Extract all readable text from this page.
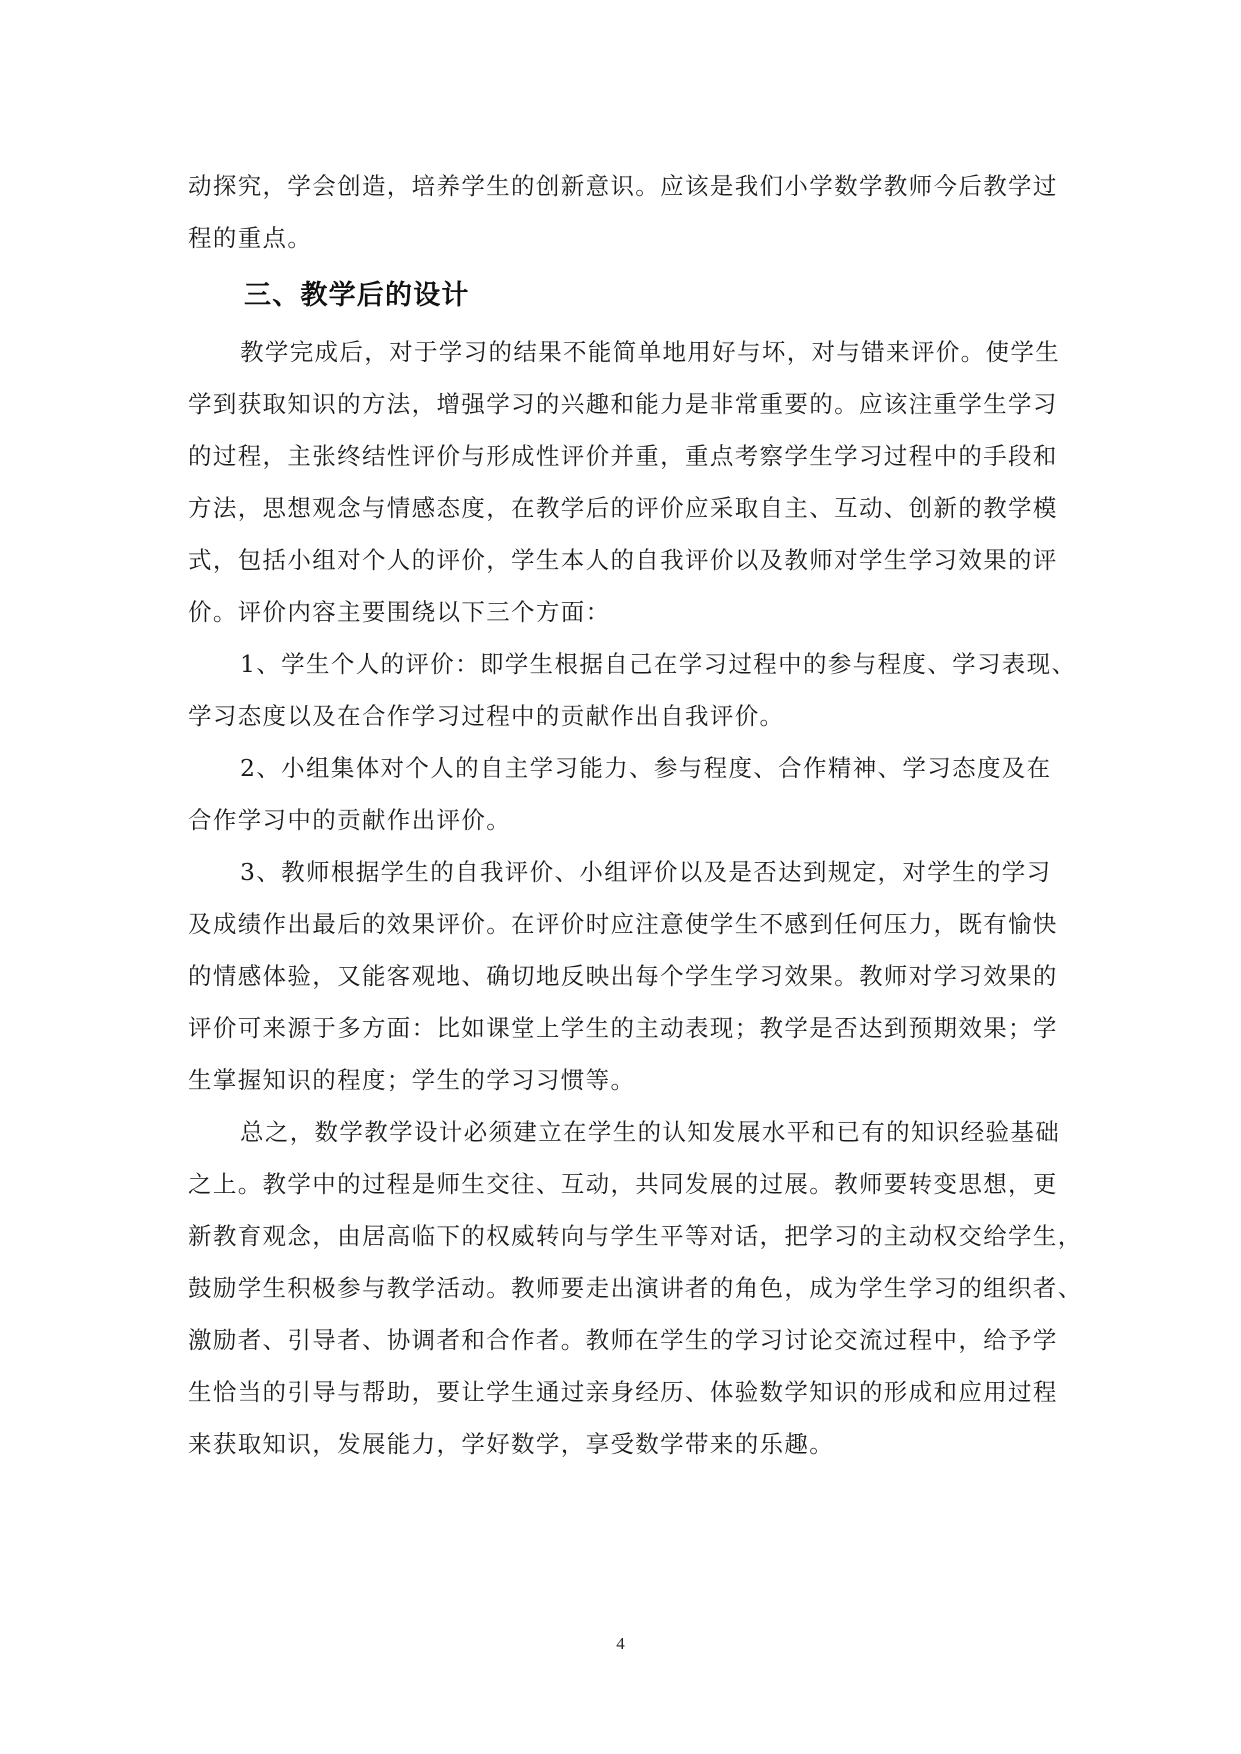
动探究，学会创造，培养学生的创新意识。应该是我们小学数学教师今后教学过
程的重点。

三、教学后的设计

教学完成后，对于学习的结果不能简单地用好与坏，对与错来评价。使学生
学到获取知识的方法，增强学习的兴趣和能力是非常重要的。应该注重学生学习
的过程，主张终结性评价与形成性评价并重，重点考察学生学习过程中的手段和
方法，思想观念与情感态度，在教学后的评价应采取自主、互动、创新的教学模
式，包括小组对个人的评价，学生本人的自我评价以及教师对学生学习效果的评
价。评价内容主要围绕以下三个方面：

1、学生个人的评价：即学生根据自己在学习过程中的参与程度、学习表现、
学习态度以及在合作学习过程中的贡献作出自我评价。

2、小组集体对个人的自主学习能力、参与程度、合作精神、学习态度及在
合作学习中的贡献作出评价。

3、教师根据学生的自我评价、小组评价以及是否达到规定，对学生的学习
及成绩作出最后的效果评价。在评价时应注意使学生不感到任何压力，既有愉快
的情感体验，又能客观地、确切地反映出每个学生学习效果。教师对学习效果的
评价可来源于多方面：比如课堂上学生的主动表现；教学是否达到预期效果；学
生掌握知识的程度；学生的学习习惯等。

总之，数学教学设计必须建立在学生的认知发展水平和已有的知识经验基础
之上。教学中的过程是师生交往、互动，共同发展的过展。教师要转变思想，更
新教育观念，由居高临下的权威转向与学生平等对话，把学习的主动权交给学生，
鼓励学生积极参与教学活动。教师要走出演讲者的角色，成为学生学习的组织者、
激励者、引导者、协调者和合作者。教师在学生的学习讨论交流过程中，给予学
生恰当的引导与帮助，要让学生通过亲身经历、体验数学知识的形成和应用过程
来获取知识，发展能力，学好数学，享受数学带来的乐趣。

4
